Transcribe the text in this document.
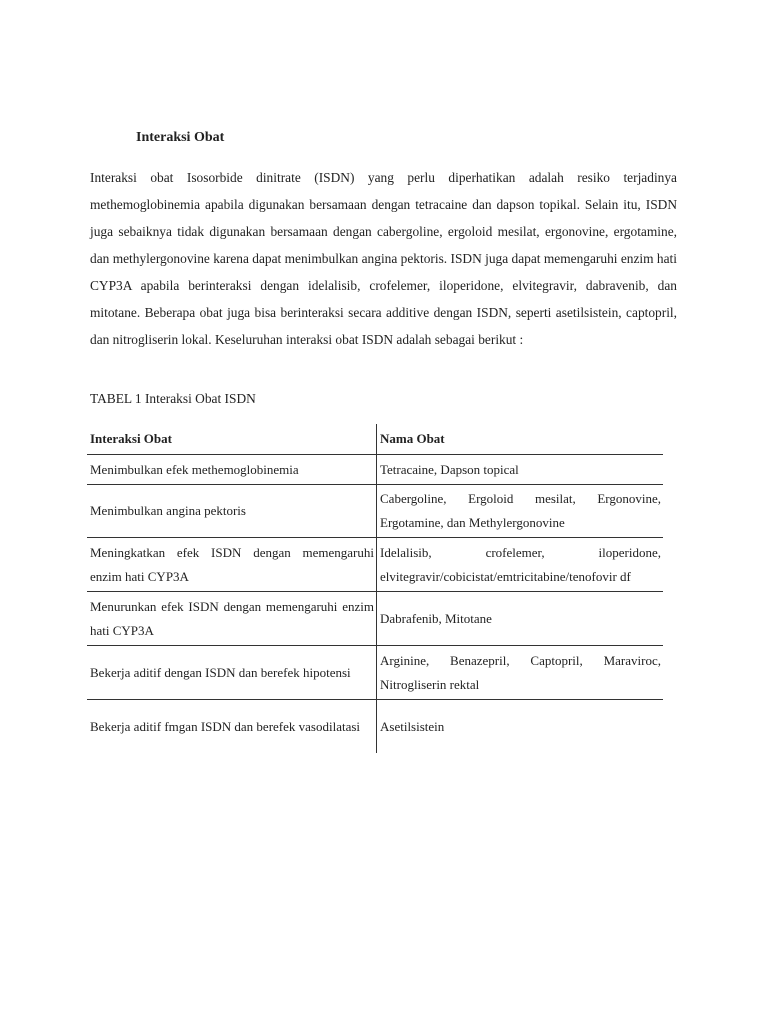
Interaksi Obat

Interaksi obat Isosorbide dinitrate (ISDN) yang perlu diperhatikan adalah resiko terjadinya methemoglobinemia apabila digunakan bersamaan dengan tetracaine dan dapson topikal. Selain itu, ISDN juga sebaiknya tidak digunakan bersamaan dengan cabergoline, ergoloid mesilat, ergonovine, ergotamine, dan methylergonovine karena dapat menimbulkan angina pektoris. ISDN juga dapat memengaruhi enzim hati CYP3A apabila berinteraksi dengan idelalisib, crofelemer, iloperidone, elvitegravir, dabravenib, dan mitotane. Beberapa obat juga bisa berinteraksi secara additive dengan ISDN, seperti asetilsistein, captopril, dan nitrogliserin lokal. Keseluruhan interaksi obat ISDN adalah sebagai berikut :

TABEL 1 Interaksi Obat ISDN

Interaksi Obat	Nama Obat
Menimbulkan efek methemoglobinemia	Tetracaine, Dapson topical
Menimbulkan angina pektoris	Cabergoline, Ergoloid mesilat, Ergonovine, Ergotamine, dan Methylergonovine
Meningkatkan efek ISDN dengan memengaruhi enzim hati CYP3A	Idelalisib, crofelemer, iloperidone, elvitegravir/cobicistat/emtricitabine/tenofovir df
Menurunkan efek ISDN dengan memengaruhi enzim hati CYP3A	Dabrafenib, Mitotane
Bekerja aditif dengan ISDN dan berefek hipotensi	Arginine, Benazepril, Captopril, Maraviroc, Nitrogliserin rektal
Bekerja aditif fmgan ISDN dan berefek vasodilatasi	Asetilsistein
